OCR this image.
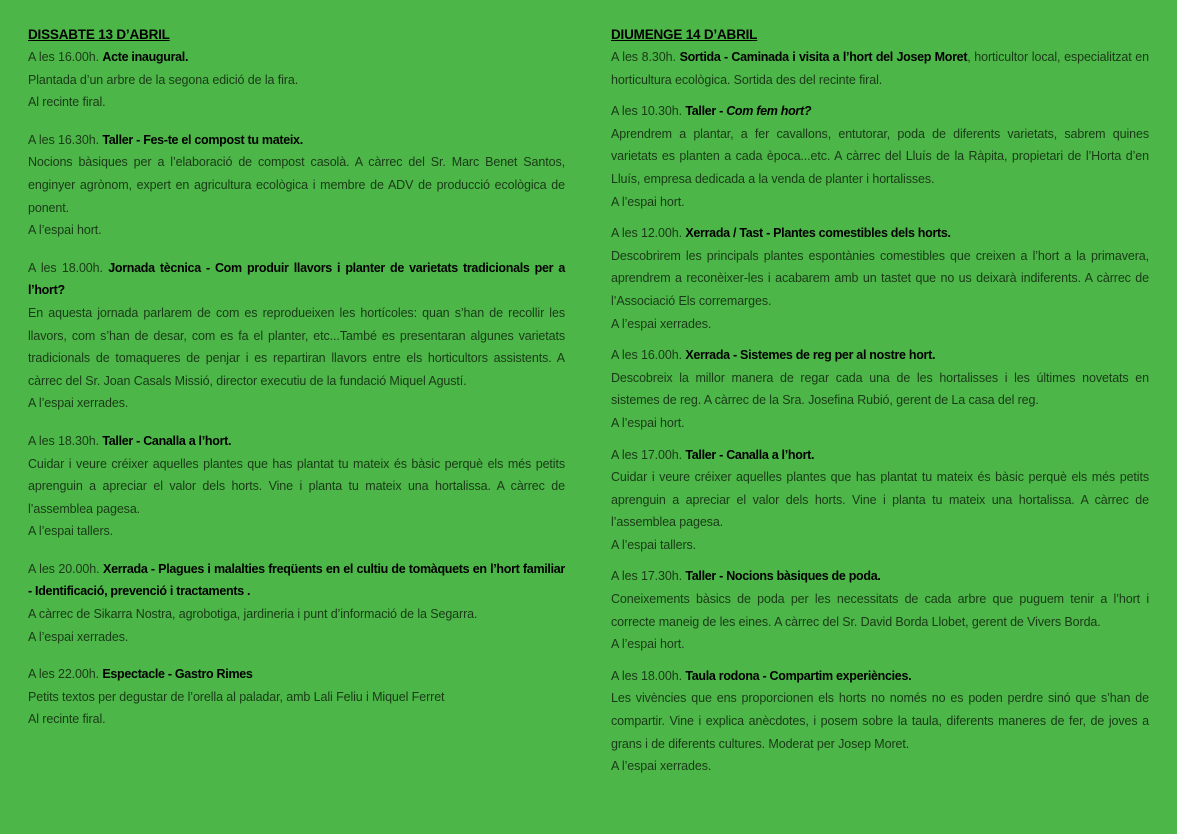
DISSABTE 13 D’ABRIL

A les 16.00h. Acte inaugural.

Plantada d’un arbre de la segona edició de la fira.

Al recinte firal.

A les 16.30h. Taller - Fes-te el compost tu mateix.

Nocions bàsiques per a l’elaboració de compost casolà. A càrrec del Sr. Marc Benet Santos, enginyer agrònom, expert en agricultura ecològica i membre de ADV de producció ecològica de ponent.

A l’espai hort.

A les 18.00h. Jornada tècnica - Com produir llavors i planter de varietats tradicionals per a l’hort?

En aquesta jornada parlarem de com es reprodueixen les hortícoles: quan s’han de recollir les llavors, com s’han de desar, com es fa el planter, etc...També es presentaran algunes varietats tradicionals de tomaqueres de penjar i es repartiran llavors entre els horticultors assistents. A càrrec del Sr. Joan Casals Missió, director executiu de la fundació Miquel Agustí.

A l’espai xerrades.

A les 18.30h. Taller - Canalla a l’hort.

Cuidar i veure créixer aquelles plantes que has plantat tu mateix és bàsic perquè els més petits aprenguin a apreciar el valor dels horts. Vine i planta tu mateix una hortalissa. A càrrec de l’assemblea pagesa.

A l’espai tallers.

A les 20.00h. Xerrada - Plagues i malalties freqüents en el cultiu de tomàquets en l’hort familiar - Identificació, prevenció i tractaments .

A càrrec de Sikarra Nostra, agrobotiga, jardineria i punt d’informació de la Segarra.

A l’espai xerrades.

A les 22.00h. Espectacle - Gastro Rimes

Petits textos per degustar de l’orella al paladar, amb Lali Feliu i Miquel Ferret

Al recinte firal.

DIUMENGE 14 D’ABRIL

A les 8.30h. Sortida - Caminada i visita a l’hort del Josep Moret, horticultor local, especialitzat en horticultura ecològica. Sortida des del recinte firal.

A les 10.30h. Taller - Com fem hort?

Aprendrem a plantar, a fer cavallons, entutorar, poda de diferents varietats, sabrem quines varietats es planten a cada època...etc. A càrrec del Lluís de la Ràpita, propietari de l’Horta d’en Lluís, empresa dedicada a la venda de planter i hortalisses.

A l’espai hort.

A les 12.00h. Xerrada / Tast - Plantes comestibles dels horts.

Descobrirem les principals plantes espontànies comestibles que creixen a l’hort a la primavera, aprendrem a reconèixer-les i acabarem amb un tastet que no us deixarà indiferents. A càrrec de l’Associació Els corremarges.

A l’espai xerrades.

A les 16.00h. Xerrada - Sistemes de reg per al nostre hort.

Descobreix la millor manera de regar cada una de les hortalisses i les últimes novetats en sistemes de reg. A càrrec de la Sra. Josefina Rubió, gerent de La casa del reg.

A l’espai hort.

A les 17.00h. Taller - Canalla a l’hort.

Cuidar i veure créixer aquelles plantes que has plantat tu mateix és bàsic perquè els més petits aprenguin a apreciar el valor dels horts. Vine i planta tu mateix una hortalissa. A càrrec de l’assemblea pagesa.

A l’espai tallers.

A les 17.30h. Taller - Nocions bàsiques de poda.

Coneixements bàsics de poda per les necessitats de cada arbre que puguem tenir a l’hort i correcte maneig de les eines. A càrrec del Sr. David Borda Llobet, gerent de Vivers Borda.

A l’espai hort.

A les 18.00h. Taula rodona - Compartim experiències.

Les vivències que ens proporcionen els horts no només no es poden perdre sinó que s’han de compartir. Vine i explica anècdotes, i posem sobre la taula, diferents maneres de fer, de joves a grans i de diferents cultures. Moderat per Josep Moret.

A l’espai xerrades.
